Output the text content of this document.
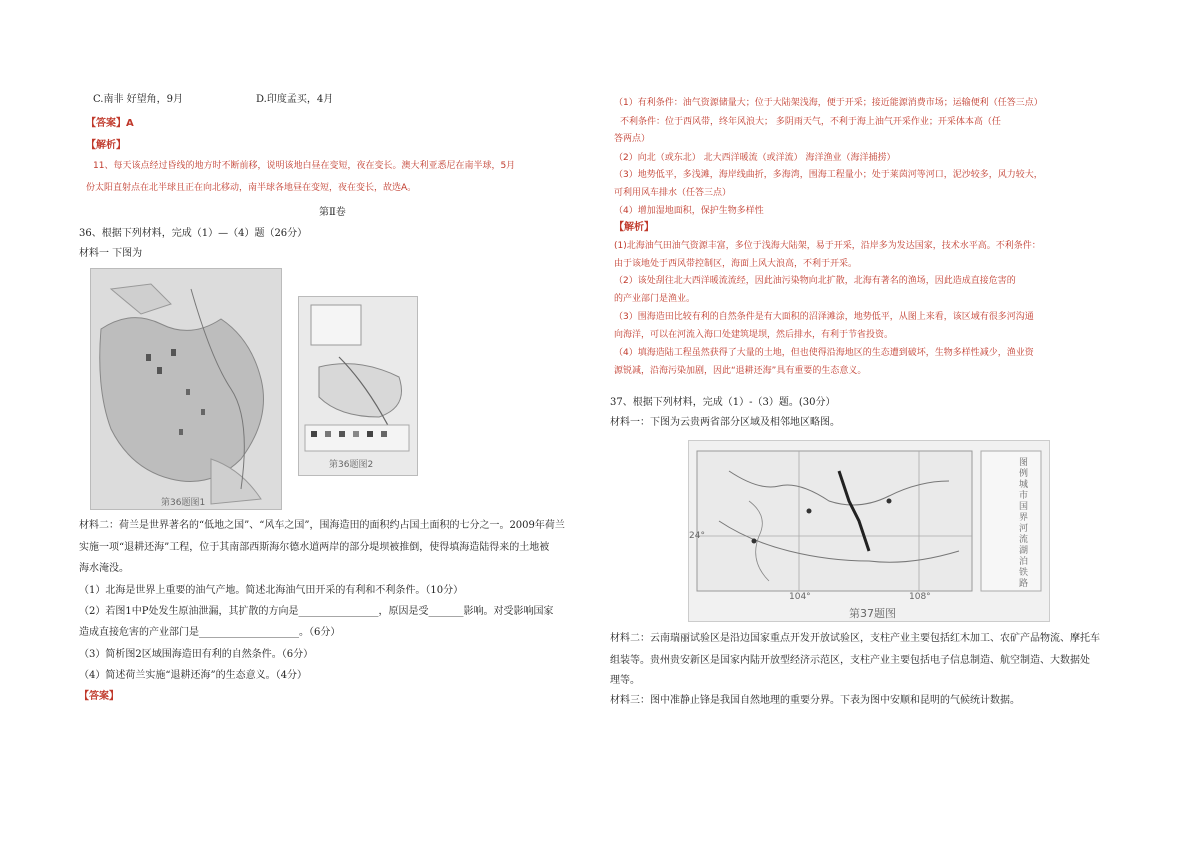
C.南非 好望角，9月	D.印度孟买，4月
【答案】A
【解析】
11、每天该点经过昏线的地方时不断前移，说明该地白昼在变短，夜在变长。澳大利亚悉尼在南半球，5月
份太阳直射点在北半球且正在向北移动，南半球各地昼在变短，夜在变长，故选A。
第Ⅱ卷
36、根据下列材料，完成（1）—（4）题（26分）
材料一 下图为
第36题图1
第36题图2
材料二：荷兰是世界著名的“低地之国”、“风车之国”，围海造田的面积约占国土面积的七分之一。2009年荷兰
实施一项“退耕还海”工程，位于其南部西斯海尔德水道两岸的部分堤坝被推倒，使得填海造陆得来的土地被
海水淹没。
（1）北海是世界上重要的油气产地。简述北海油气田开采的有利和不利条件。（10分）
（2）若图1中P处发生原油泄漏，其扩散的方向是________________，原因是受_______影响。对受影响国家
造成直接危害的产业部门是____________________。（6分）
（3）简析图2区域围海造田有利的自然条件。（6分）
（4）简述荷兰实施“退耕还海”的生态意义。（4分）
【答案】
（1）有利条件：油气资源储量大；位于大陆架浅海，便于开采；接近能源消费市场；运输便利（任答三点）
不利条件：位于西风带，终年风浪大； 多阴雨天气，不利于海上油气开采作业；开采体本高（任
答两点）
（2）向北（或东北） 北大西洋暖流（或洋流） 海洋渔业（海洋捕捞）
（3）地势低平，多浅滩，海岸线曲折，多海湾，围海工程量小；处于莱茵河等河口，泥沙较多，风力较大，
可利用风车排水（任答三点）
（4）增加湿地面积，保护生物多样性
【解析】
(1)北海油气田油气资源丰富，多位于浅海大陆架，易于开采，沿岸多为发达国家，技术水平高。不利条件：
由于该地处于西风带控制区，海面上风大浪高，不利于开采。
（2）该处刮往北大西洋暖流流经，因此油污染物向北扩散，北海有著名的渔场，因此造成直接危害的
的产业部门是渔业。
（3）围海造田比较有利的自然条件是有大面积的沼泽滩涂，地势低平，从图上来看，该区域有很多河沟通
向海洋，可以在河流入海口处建筑堤坝，然后排水，有利于节省投资。
（4）填海造陆工程虽然获得了大量的土地，但也使得沿海地区的生态遭到破坏，生物多样性减少，渔业资
源锐减，沿海污染加剧，因此“退耕还海”具有重要的生态意义。
37、根据下列材料，完成（1）-（3）题。(30分）
材料一：下图为云贵两省部分区域及相邻地区略图。
图
例
城
市
国
界
河
流
湖
泊
铁
路
24°
104°	108°
第37题图
材料二：云南瑞丽试验区是沿边国家重点开发开放试验区，支柱产业主要包括红木加工、农矿产品物流、摩托车
组装等。贵州贵安新区是国家内陆开放型经济示范区，支柱产业主要包括电子信息制造、航空制造、大数据处
理等。
材料三：图中准静止锋是我国自然地理的重要分界。下表为图中安顺和昆明的气候统计数据。
